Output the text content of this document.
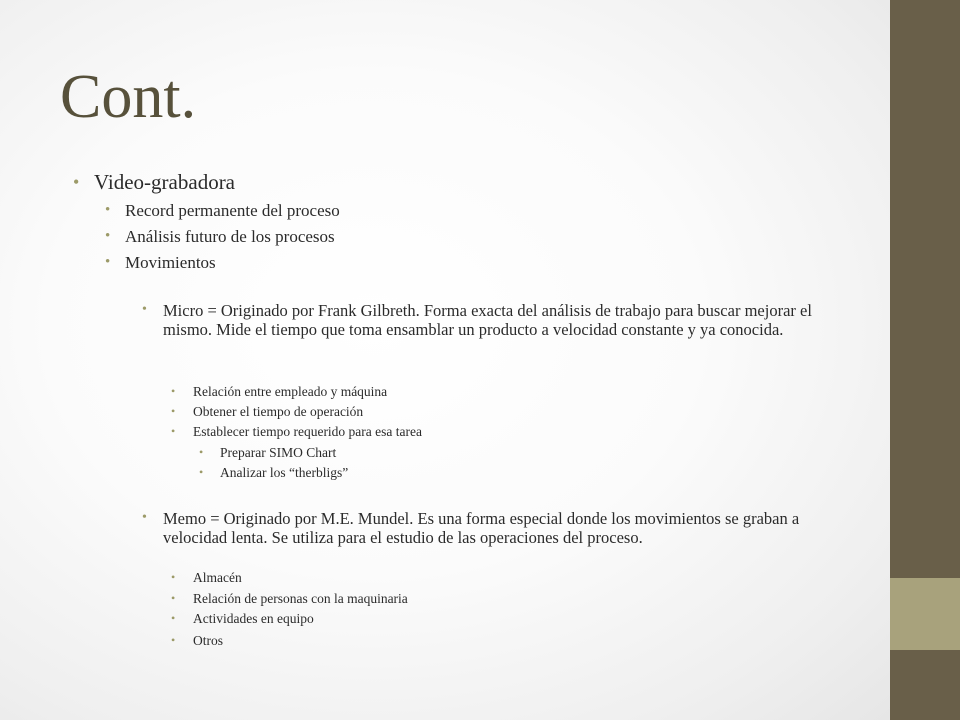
Cont.
• Video-grabadora
• Record permanente del proceso
• Análisis futuro de los procesos
• Movimientos
• Micro = Originado por Frank Gilbreth. Forma exacta del análisis de trabajo para buscar mejorar el mismo. Mide el tiempo que toma ensamblar un producto a velocidad constante y ya conocida.
• Relación entre empleado y máquina
• Obtener el tiempo de operación
• Establecer tiempo requerido para esa tarea
• Preparar SIMO Chart
• Analizar los “therbligs”
• Memo = Originado por M.E. Mundel. Es una forma especial donde los movimientos se graban a velocidad lenta. Se utiliza para el estudio de las operaciones del proceso.
• Almacén
• Relación de personas con la maquinaria
• Actividades en equipo
• Otros
